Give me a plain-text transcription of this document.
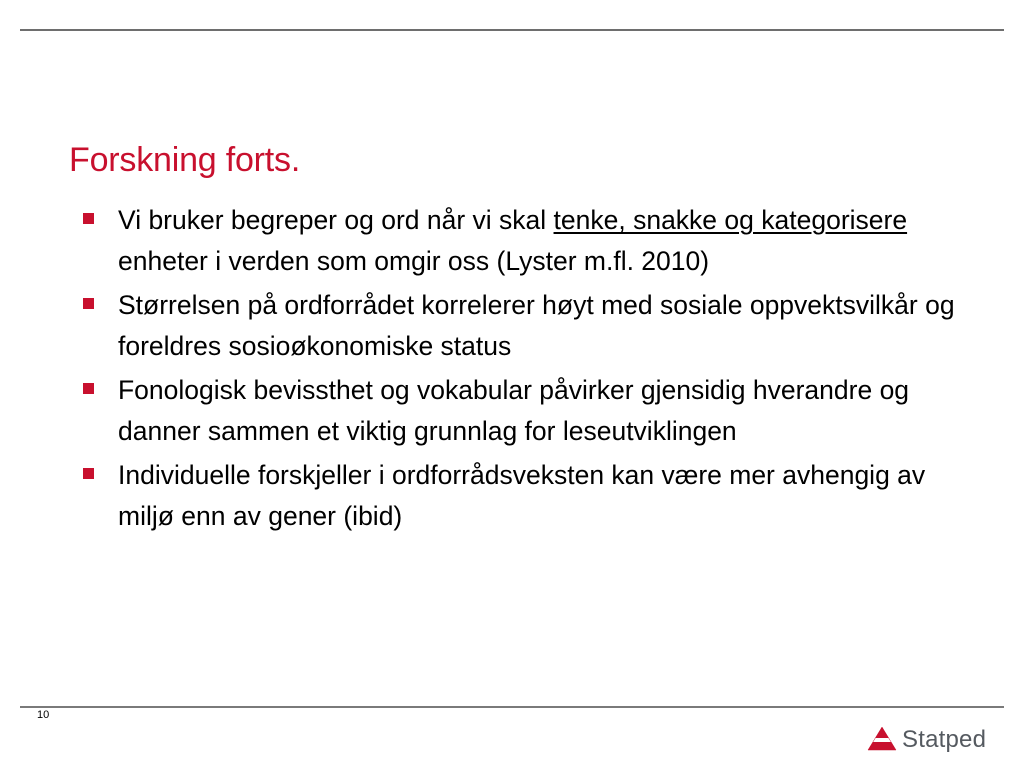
Forskning forts.
Vi bruker begreper og ord når vi skal tenke, snakke og kategorisere enheter i verden som omgir oss (Lyster m.fl. 2010)
Størrelsen på ordforrådet korrelerer høyt med sosiale oppvektsvilkår og foreldres sosioøkonomiske status
Fonologisk bevissthet og vokabular påvirker gjensidig hverandre og danner sammen et viktig grunnlag for leseutviklingen
Individuelle forskjeller i ordforrådsveksten kan være mer avhengig av miljø enn av gener (ibid)
10
Statped
